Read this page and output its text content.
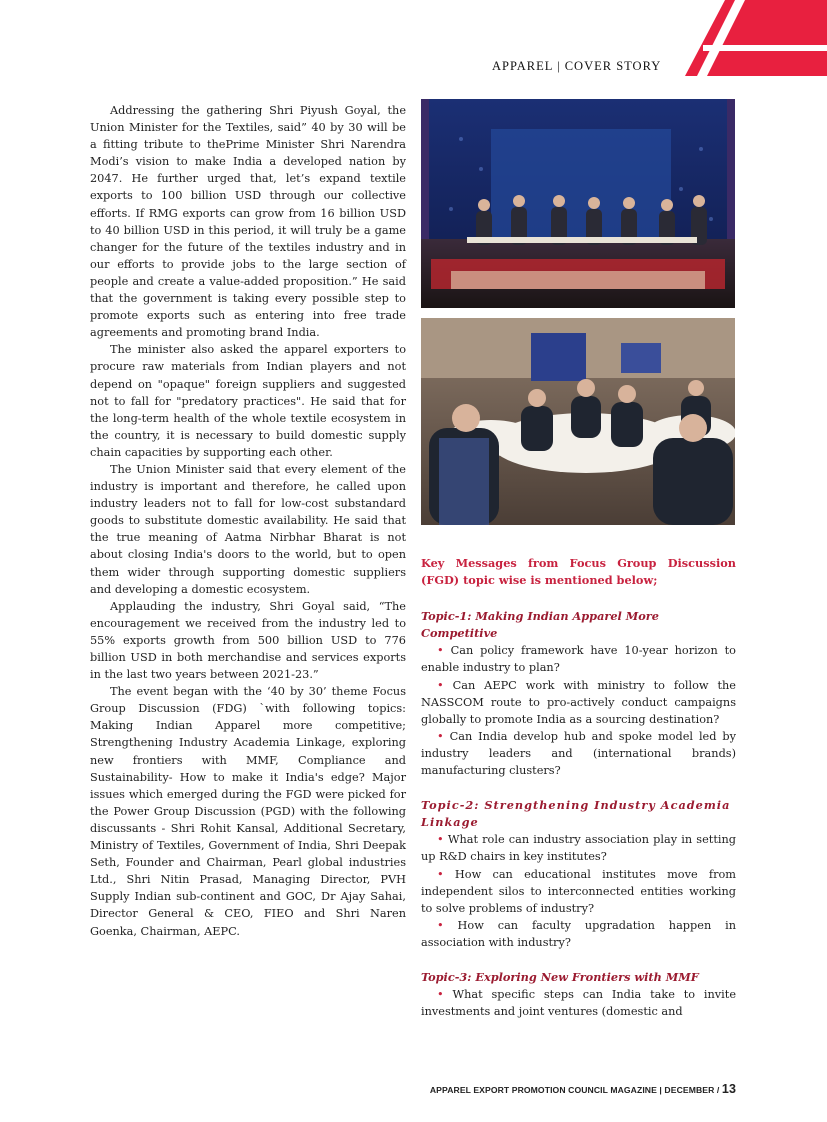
APPAREL | COVER STORY

Addressing the gathering Shri Piyush Goyal, the Union Minister for the Textiles, said” 40 by 30 will be a fitting tribute to thePrime Minister Shri Narendra Modi’s vision to make India a developed nation by 2047. He further urged that, let’s expand textile exports to 100 billion USD through our collective efforts. If RMG exports can grow from 16 billion USD to 40 billion USD in this period, it will truly be a game changer for the future of the textiles industry and in our efforts to provide jobs to the large section of people and create a value-added proposition.” He said that the government is taking every possible step to promote exports such as entering into free trade agreements and promoting brand India.

The minister also asked the apparel exporters to procure raw materials from Indian players and not depend on "opaque" foreign suppliers and suggested not to fall for "predatory practices". He said that for the long-term health of the whole textile ecosystem in the country, it is necessary to build domestic supply chain capacities by supporting each other.

The Union Minister said that every element of the industry is important and therefore, he called upon industry leaders not to fall for low-cost substandard goods to substitute domestic availability. He said that the true meaning of Aatma Nirbhar Bharat is not about closing India's doors to the world, but to open them wider through supporting domestic suppliers and developing a domestic ecosystem.

Applauding the industry, Shri Goyal said, “The encouragement we received from the industry led to 55% exports growth from 500 billion USD to 776 billion USD in both merchandise and services exports in the last two years between 2021-23.”

The event began with the ‘40 by 30’ theme Focus Group Discussion (FDG) `with following topics: Making Indian Apparel more competitive; Strengthening Industry Academia Linkage, exploring new frontiers with MMF, Compliance and Sustainability- How to make it India's edge? Major issues which emerged during the FGD were picked for the Power Group Discussion (PGD) with the following discussants - Shri Rohit Kansal, Additional Secretary, Ministry of Textiles, Government of India, Shri Deepak Seth, Founder and Chairman, Pearl global industries Ltd., Shri Nitin Prasad, Managing Director, PVH Supply Indian sub-continent and GOC, Dr Ajay Sahai, Director General & CEO, FIEO and Shri Naren Goenka, Chairman, AEPC.

Key Messages from Focus Group Discussion (FGD) topic wise is mentioned below;

Topic-1: Making Indian Apparel More Competitive

• Can policy framework have 10-year horizon to enable industry to plan?

• Can AEPC work with ministry to follow the NASSCOM route to pro-actively conduct campaigns globally to promote India as a sourcing destination?

• Can India develop hub and spoke model led by industry leaders and (international brands) manufacturing clusters?

Topic-2: Strengthening Industry Academia Linkage

• What role can industry association play in setting up R&D chairs in key institutes?

• How can educational institutes move from independent silos to interconnected entities working to solve problems of industry?

• How can faculty upgradation happen in association with industry?

Topic-3: Exploring New Frontiers with MMF

• What specific steps can India take to invite investments and joint ventures (domestic and

APPAREL EXPORT PROMOTION COUNCIL MAGAZINE | DECEMBER / 13
